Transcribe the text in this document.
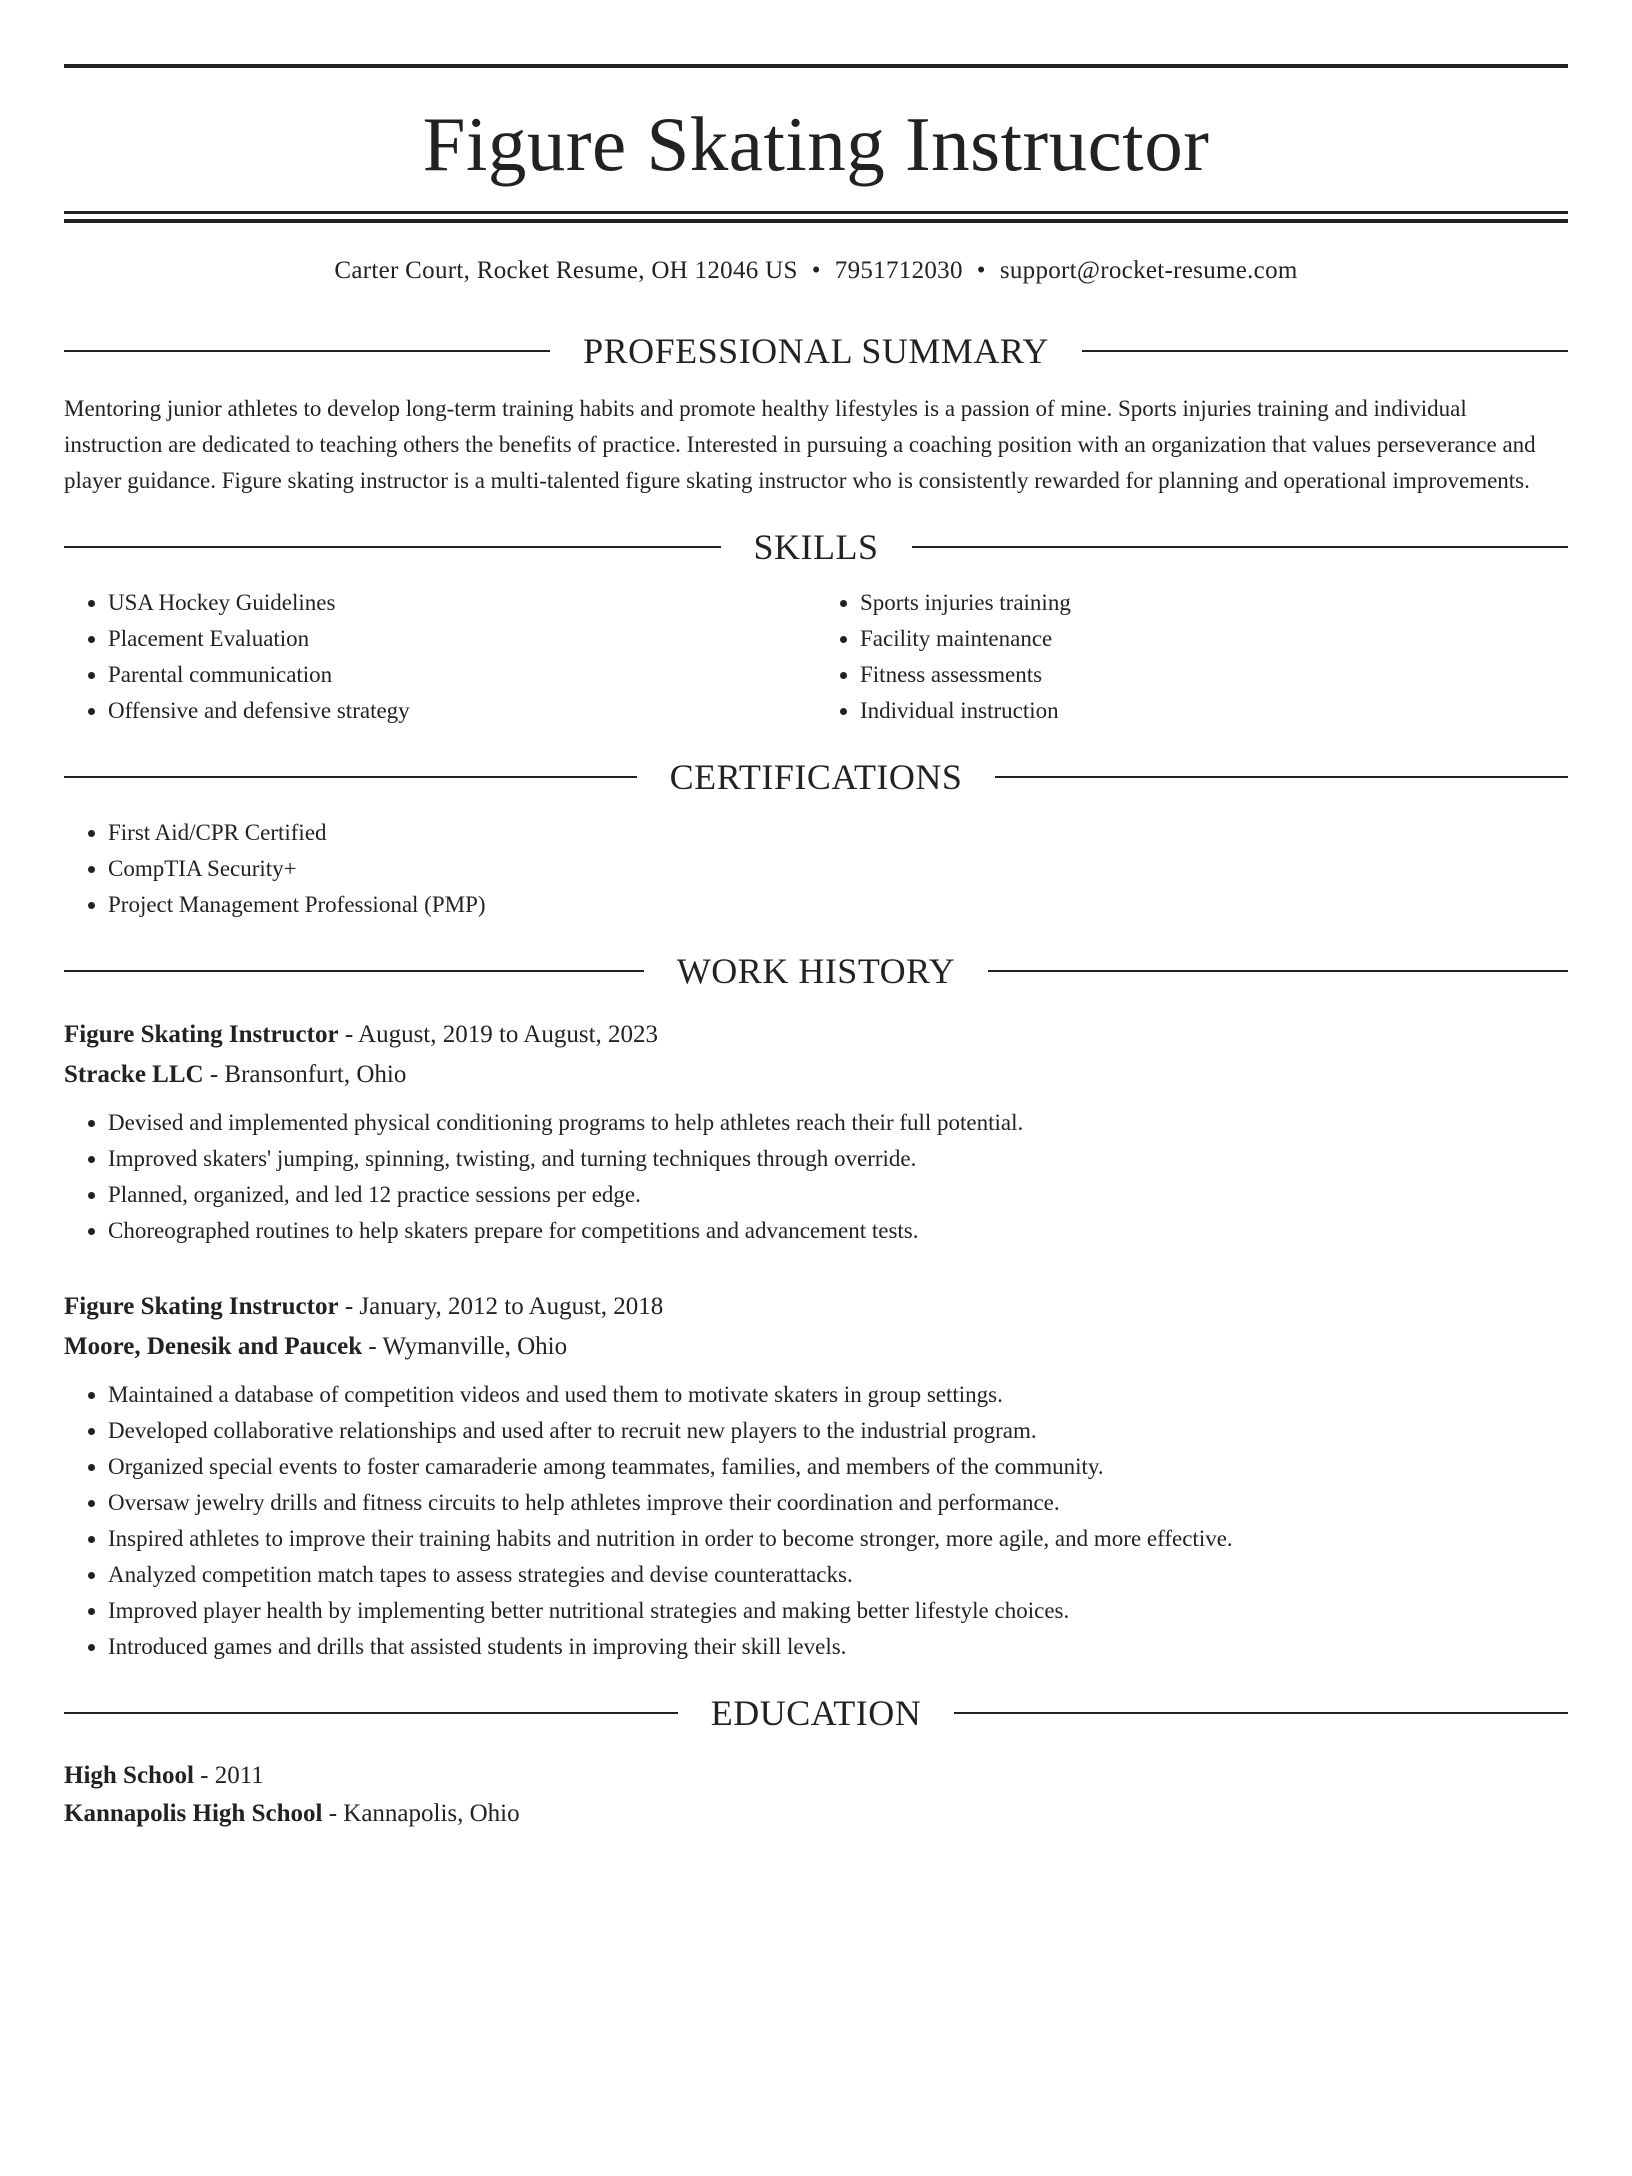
Figure Skating Instructor
Carter Court, Rocket Resume, OH 12046 US • 7951712030 • support@rocket-resume.com
PROFESSIONAL SUMMARY
Mentoring junior athletes to develop long-term training habits and promote healthy lifestyles is a passion of mine. Sports injuries training and individual instruction are dedicated to teaching others the benefits of practice. Interested in pursuing a coaching position with an organization that values perseverance and player guidance. Figure skating instructor is a multi-talented figure skating instructor who is consistently rewarded for planning and operational improvements.
SKILLS
• USA Hockey Guidelines
• Placement Evaluation
• Parental communication
• Offensive and defensive strategy
• Sports injuries training
• Facility maintenance
• Fitness assessments
• Individual instruction
CERTIFICATIONS
• First Aid/CPR Certified
• CompTIA Security+
• Project Management Professional (PMP)
WORK HISTORY
Figure Skating Instructor - August, 2019 to August, 2023
Stracke LLC - Bransonfurt, Ohio
• Devised and implemented physical conditioning programs to help athletes reach their full potential.
• Improved skaters' jumping, spinning, twisting, and turning techniques through override.
• Planned, organized, and led 12 practice sessions per edge.
• Choreographed routines to help skaters prepare for competitions and advancement tests.
Figure Skating Instructor - January, 2012 to August, 2018
Moore, Denesik and Paucek - Wymanville, Ohio
• Maintained a database of competition videos and used them to motivate skaters in group settings.
• Developed collaborative relationships and used after to recruit new players to the industrial program.
• Organized special events to foster camaraderie among teammates, families, and members of the community.
• Oversaw jewelry drills and fitness circuits to help athletes improve their coordination and performance.
• Inspired athletes to improve their training habits and nutrition in order to become stronger, more agile, and more effective.
• Analyzed competition match tapes to assess strategies and devise counterattacks.
• Improved player health by implementing better nutritional strategies and making better lifestyle choices.
• Introduced games and drills that assisted students in improving their skill levels.
EDUCATION
High School - 2011
Kannapolis High School - Kannapolis, Ohio
